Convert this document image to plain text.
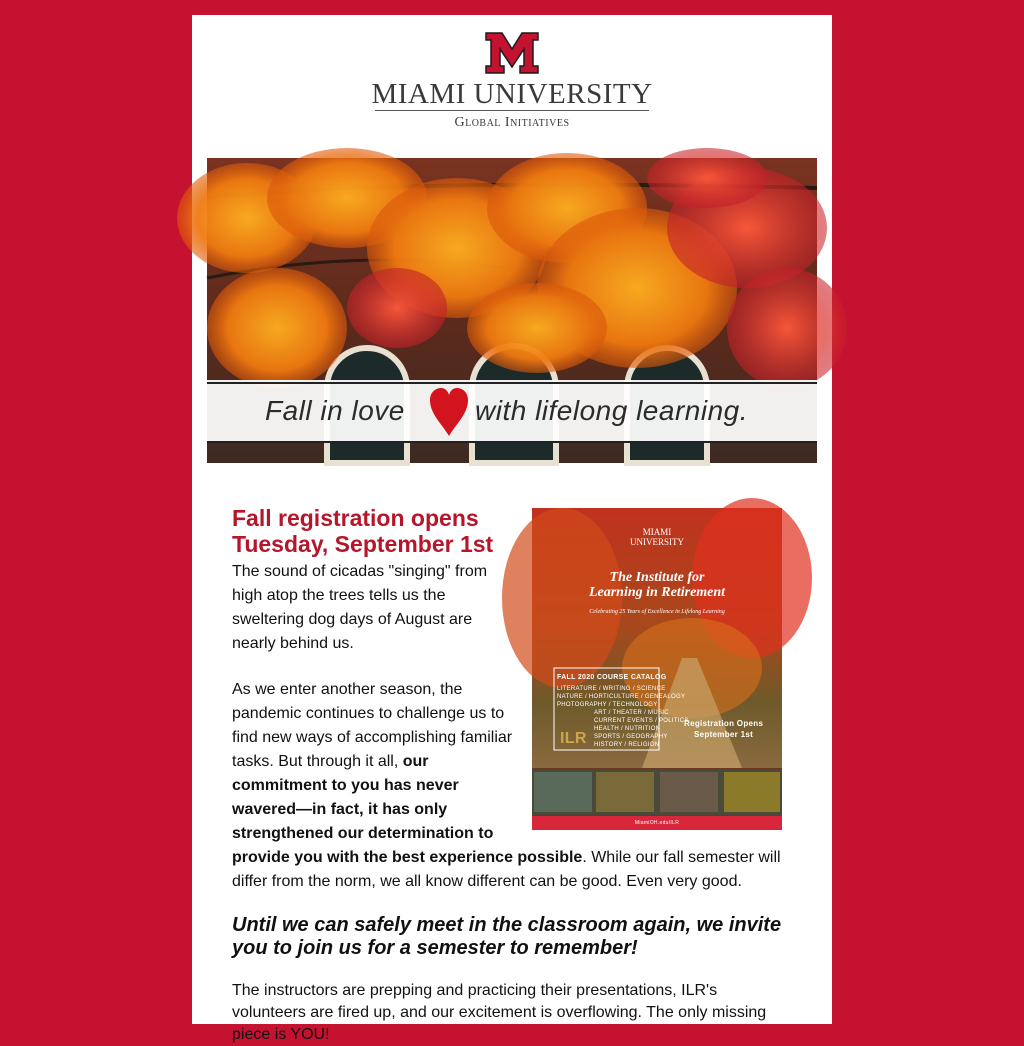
MIAMI UNIVERSITY
Global Initiatives
Fall in love	with lifelong learning.
MIAMI
UNIVERSITY
The Institute for
Learning in Retirement
Celebrating 25 Years of Excellence in Lifelong Learning
FALL 2020 COURSE CATALOG
LITERATURE / WRITING / SCIENCE
NATURE / HORTICULTURE / GENEALOGY
PHOTOGRAPHY / TECHNOLOGY
ART / THEATER / MUSIC
CURRENT EVENTS / POLITICS
HEALTH / NUTRITION
SPORTS / GEOGRAPHY
HISTORY / RELIGION
ILR
Registration Opens
September 1st
MiamiOH.edu/ILR
Fall registration opens Tuesday, September 1st

The sound of cicadas "singing" from high atop the trees tells us the sweltering dog days of August are nearly behind us.

As we enter another season, the pandemic continues to challenge us to find new ways of accomplishing familiar tasks. But through it all, our commitment to you has never wavered—in fact, it has only strengthened our determination to provide you with the best experience possible. While our fall semester will differ from the norm, we all know different can be good. Even very good.

Until we can safely meet in the classroom again, we invite you to join us for a semester to remember!

The instructors are prepping and practicing their presentations, ILR's volunteers are fired up, and our excitement is overflowing. The only missing piece is YOU!
